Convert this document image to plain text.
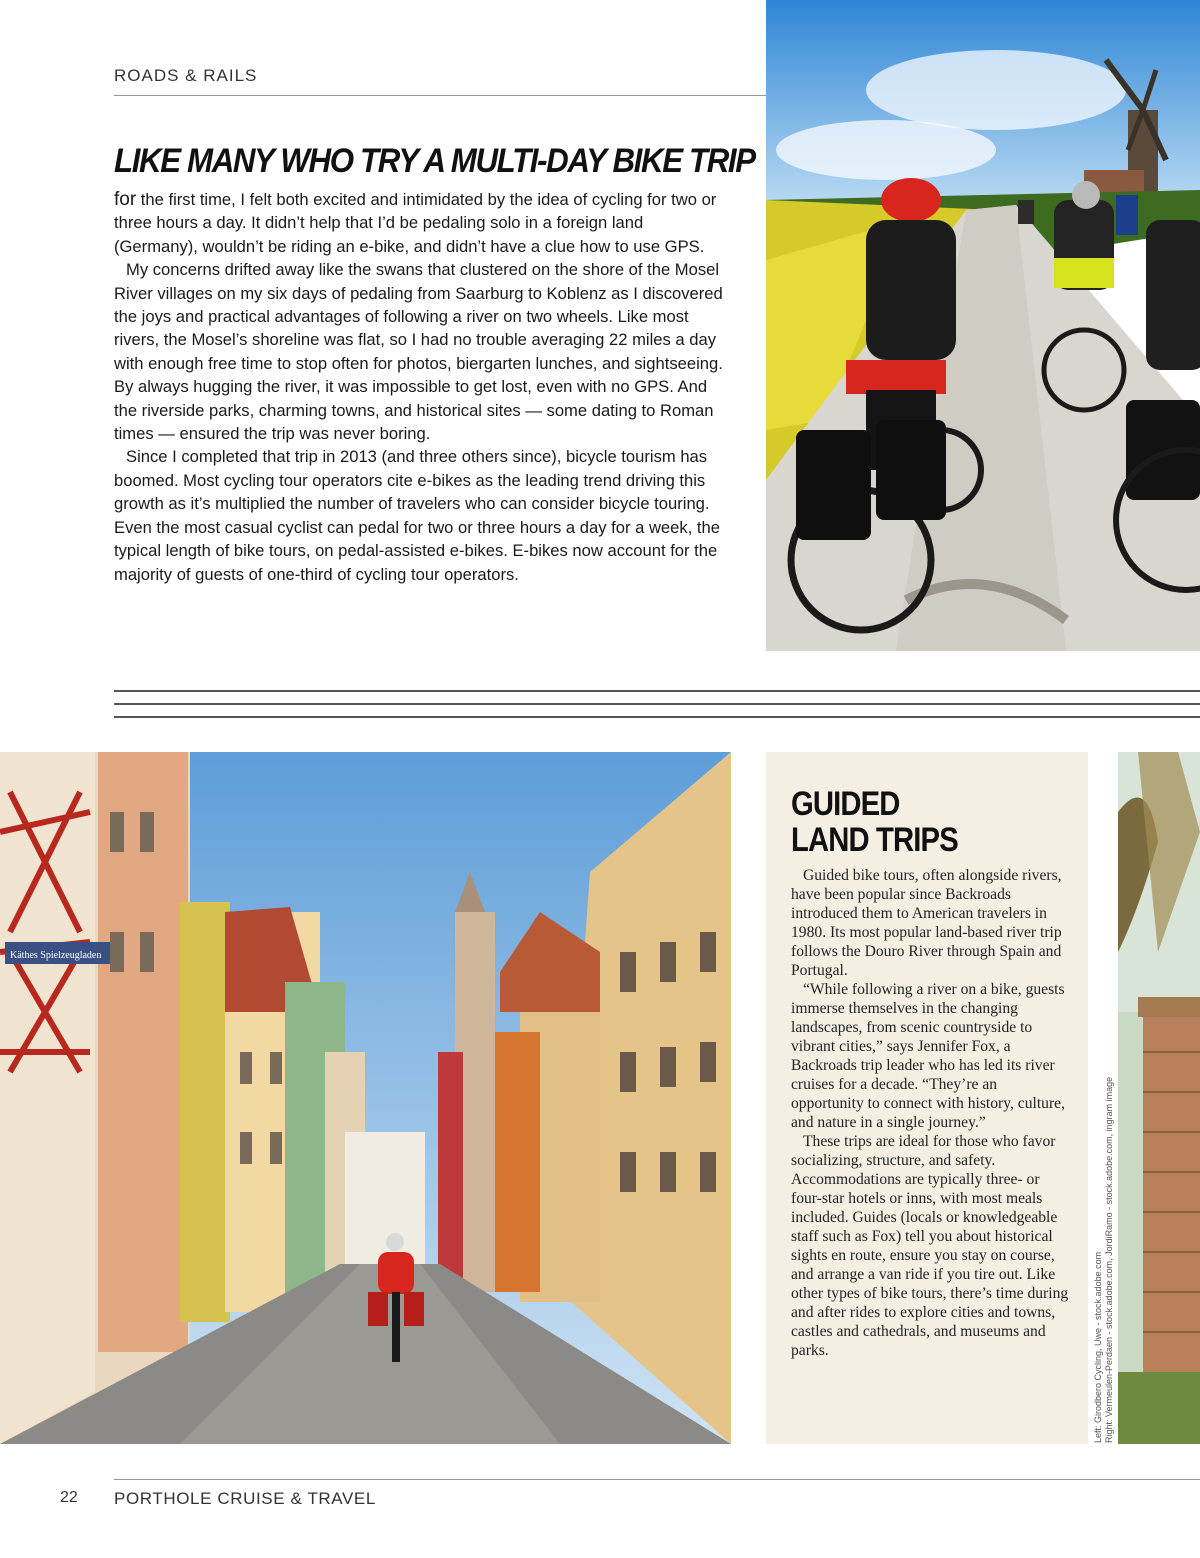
ROADS & RAILS
LIKE MANY WHO TRY A MULTI-DAY BIKE TRIP

for the first time, I felt both excited and intimidated by the idea of cycling for two or three hours a day. It didn’t help that I’d be pedaling solo in a foreign land (Germany), wouldn’t be riding an e-bike, and didn’t have a clue how to use GPS.

My concerns drifted away like the swans that clustered on the shore of the Mosel River villages on my six days of pedaling from Saarburg to Koblenz as I discovered the joys and practical advantages of following a river on two wheels. Like most rivers, the Mosel’s shoreline was flat, so I had no trouble averaging 22 miles a day with enough free time to stop often for photos, biergarten lunches, and sightseeing. By always hugging the river, it was impossible to get lost, even with no GPS. And the riverside parks, charming towns, and historical sites — some dating to Roman times — ensured the trip was never boring.

Since I completed that trip in 2013 (and three others since), bicycle tourism has boomed. Most cycling tour operators cite e-bikes as the leading trend driving this growth as it’s multiplied the number of travelers who can consider bicycle touring. Even the most casual cyclist can pedal for two or three hours a day for a week, the typical length of bike tours, on pedal-assisted e-bikes. E-bikes now account for the majority of guests of one-third of cycling tour operators.

Käthes Spielzeugladen
GUIDED
LAND TRIPS

Guided bike tours, often alongside rivers, have been popular since Backroads introduced them to American travelers in 1980. Its most popular land-based river trip follows the Douro River through Spain and Portugal.

“While following a river on a bike, guests immerse themselves in the changing landscapes, from scenic countryside to vibrant cities,” says Jennifer Fox, a Backroads trip leader who has led its river cruises for a decade. “They’re an opportunity to connect with history, culture, and nature in a single journey.”

These trips are ideal for those who favor socializing, structure, and safety. Accommodations are typically three- or four-star hotels or inns, with most meals included. Guides (locals or knowledgeable staff such as Fox) tell you about historical sights en route, ensure you stay on course, and arrange a van ride if you tire out. Like other types of bike tours, there’s time during and after rides to explore cities and towns, castles and cathedrals, and museums and parks.	Left: Girodbero Cycling, Uwe - stock.adobe.com Right: Vermeulen-Perdaen - stock.adobe.com, JordiRamo - stock.adobe.com, ingram image
22 PORTHOLE CRUISE & TRAVEL
